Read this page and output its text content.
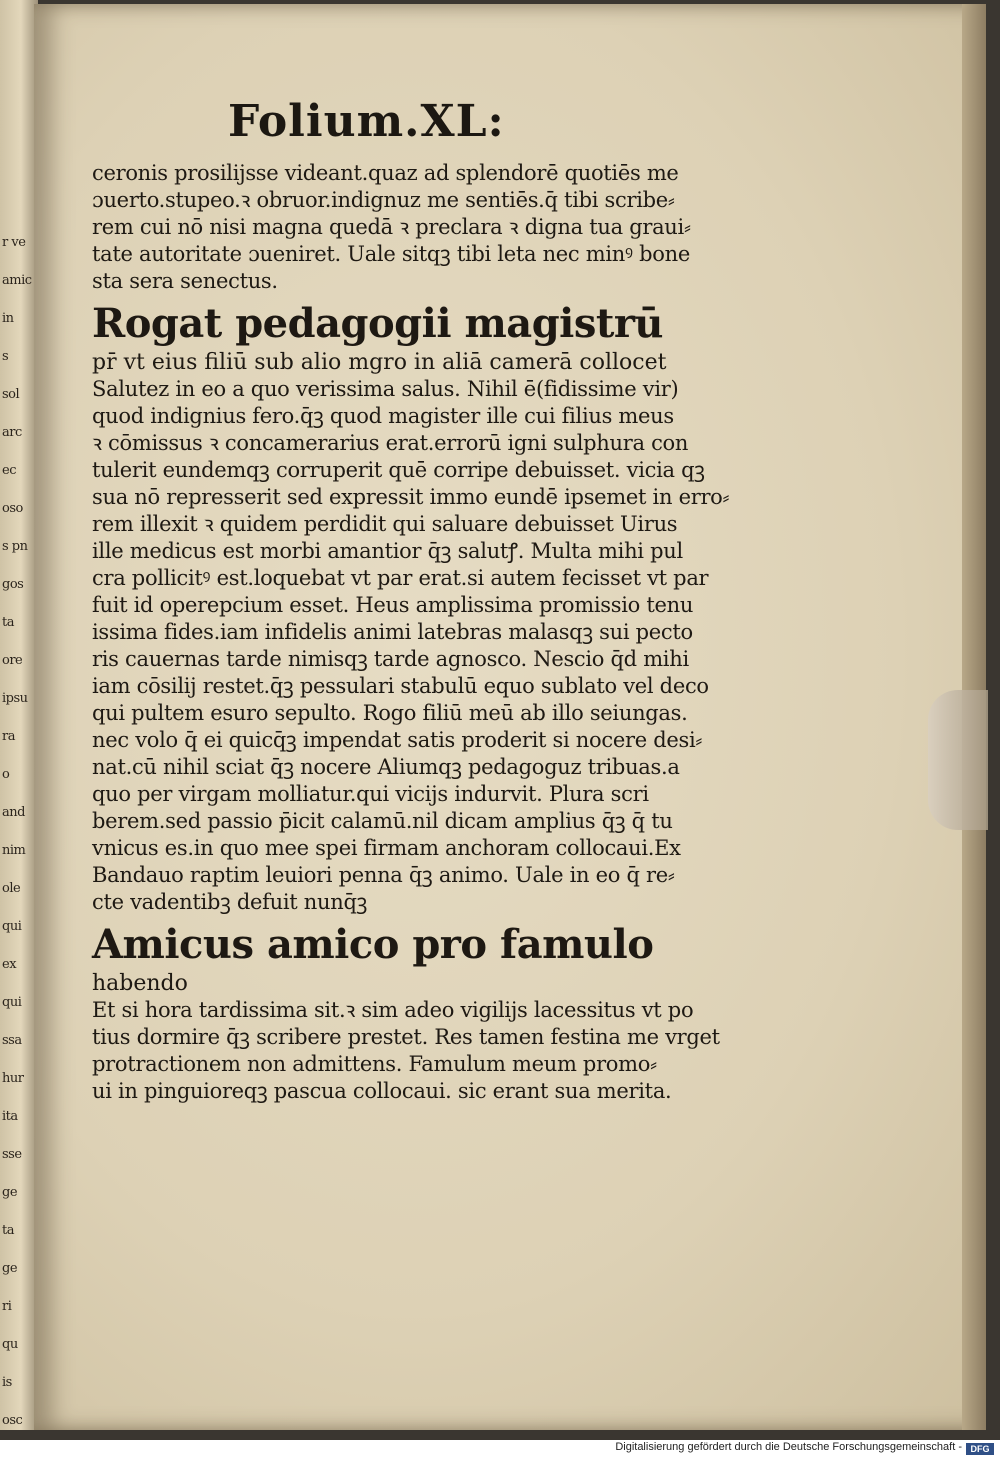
r ve
amic
in
s
sol
arc
ec
oso
s pn
gos
ta
ore
ipsu
ra
o
and
nim
ole
qui
ex
qui
ssa
hur
ita
sse
ge
ta
ge
ri
qu
is
osc
Folium.XL:
ceronis prosilijsse videant.quaz ad splendorē quotiēs me
ɔuerto.stupeo.ꝛ obruor.indignuz me sentiēs.q̄ tibi scribe⸗
rem cui nō nisi magna quedā ꝛ preclara ꝛ digna tua graui⸗
tate autoritate ɔueniret. Uale sitqꝫ tibi leta nec minꝰ bone
sta sera senectus.
Rogat pedagogii magistrū
pr̄ vt eius filiū sub alio mgro in aliā camerā collocet
Salutez in eo a quo verissima salus. Nihil ē(fidissime vir)
quod indignius fero.q̄ꝫ quod magister ille cui filius meus
ꝛ cōmissus ꝛ concamerarius erat.errorū igni sulphura con
tulerit eundemqꝫ corruperit quē corripe debuisset. vicia qꝫ
sua nō represserit sed expressit immo eundē ipsemet in erro⸗
rem illexit ꝛ quidem perdidit qui saluare debuisset Uirus
ille medicus est morbi amantior q̄ꝫ salutꝭ. Multa mihi pul
cra pollicitꝰ est.loquebat vt par erat.si autem fecisset vt par
fuit id operepcium esset. Heus amplissima promissio tenu
issima fides.iam infidelis animi latebras malasqꝫ sui pecto
ris cauernas tarde nimisqꝫ tarde agnosco. Nescio q̄d mihi
iam cōsilij restet.q̄ꝫ pessulari stabulū equo sublato vel deco
qui pultem esuro sepulto. Rogo filiū meū ab illo seiungas.
nec volo q̄ ei quicq̄ꝫ impendat satis proderit si nocere desi⸗
nat.cū nihil sciat q̄ꝫ nocere Aliumqꝫ pedagoguz tribuas.a
quo per virgam molliatur.qui vicijs indurvit. Plura scri
berem.sed passio p̄icit calamū.nil dicam amplius q̄ꝫ q̄ tu
vnicus es.in quo mee spei firmam anchoram collocaui.Ex
Bandauo raptim leuiori penna q̄ꝫ animo. Uale in eo q̄ re⸗
cte vadentibꝫ defuit nunq̄ꝫ
Amicus amico pro famulo
habendo
Et si hora tardissima sit.ꝛ sim adeo vigilijs lacessitus vt po
tius dormire q̄ꝫ scribere prestet. Res tamen festina me vrget
protractionem non admittens. Famulum meum promo⸗
ui in pinguioreqꝫ pascua collocaui. sic erant sua merita.
Digitalisierung gefördert durch die Deutsche Forschungsgemeinschaft - DFG
